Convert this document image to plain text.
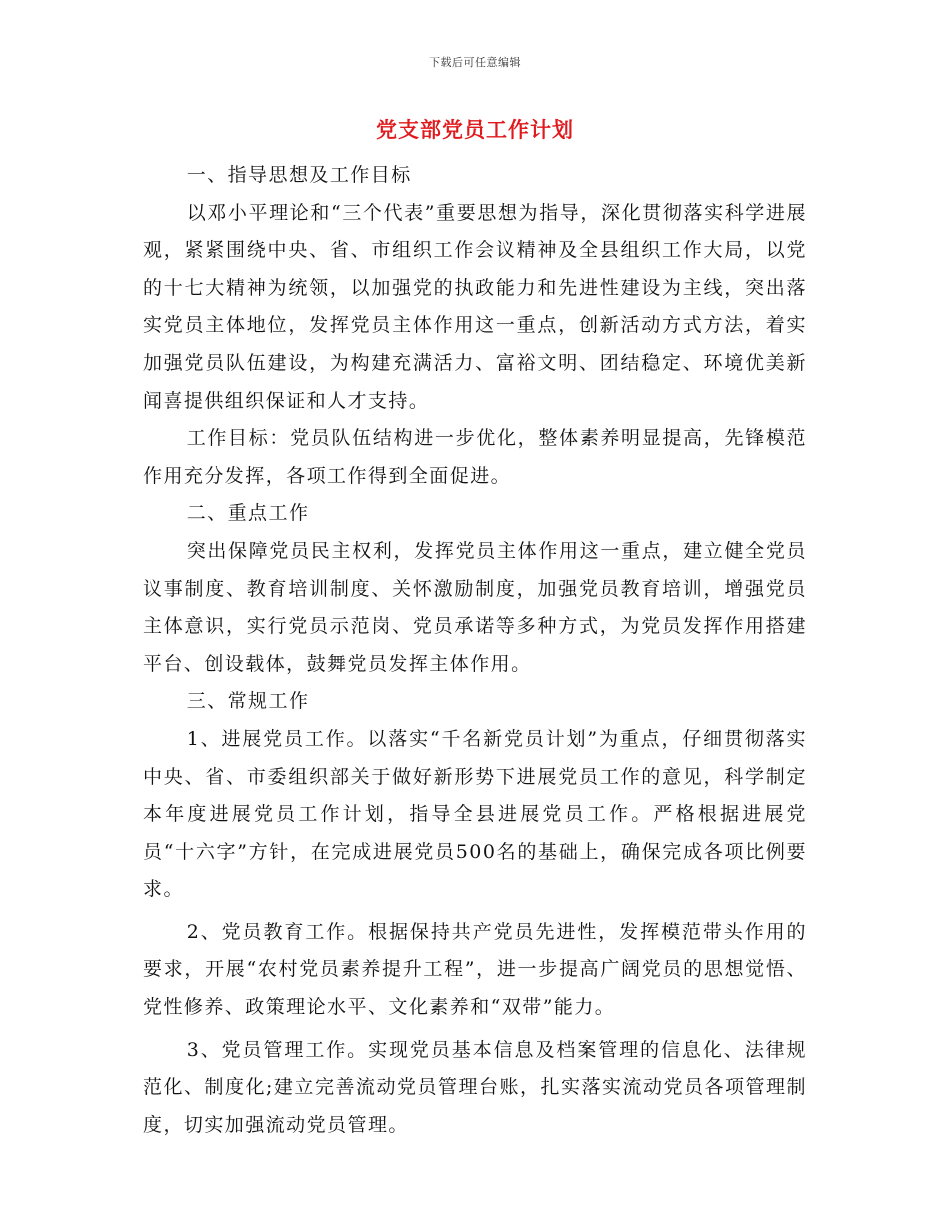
下载后可任意编辑
党支部党员工作计划

一、指导思想及工作目标

以邓小平理论和“三个代表”重要思想为指导，深化贯彻落实科学进展观，紧紧围绕中央、省、市组织工作会议精神及全县组织工作大局，以党的十七大精神为统领，以加强党的执政能力和先进性建设为主线，突出落实党员主体地位，发挥党员主体作用这一重点，创新活动方式方法，着实加强党员队伍建设，为构建充满活力、富裕文明、团结稳定、环境优美新闻喜提供组织保证和人才支持。

工作目标：党员队伍结构进一步优化，整体素养明显提高，先锋模范作用充分发挥，各项工作得到全面促进。

二、重点工作

突出保障党员民主权利，发挥党员主体作用这一重点，建立健全党员议事制度、教育培训制度、关怀激励制度，加强党员教育培训，增强党员主体意识，实行党员示范岗、党员承诺等多种方式，为党员发挥作用搭建平台、创设载体，鼓舞党员发挥主体作用。

三、常规工作

1、进展党员工作。以落实“千名新党员计划”为重点，仔细贯彻落实中央、省、市委组织部关于做好新形势下进展党员工作的意见，科学制定本年度进展党员工作计划，指导全县进展党员工作。严格根据进展党员“十六字”方针，在完成进展党员500名的基础上，确保完成各项比例要求。

2、党员教育工作。根据保持共产党员先进性，发挥模范带头作用的要求，开展“农村党员素养提升工程”，进一步提高广阔党员的思想觉悟、党性修养、政策理论水平、文化素养和“双带”能力。

3、党员管理工作。实现党员基本信息及档案管理的信息化、法律规范化、制度化;建立完善流动党员管理台账，扎实落实流动党员各项管理制度，切实加强流动党员管理。
